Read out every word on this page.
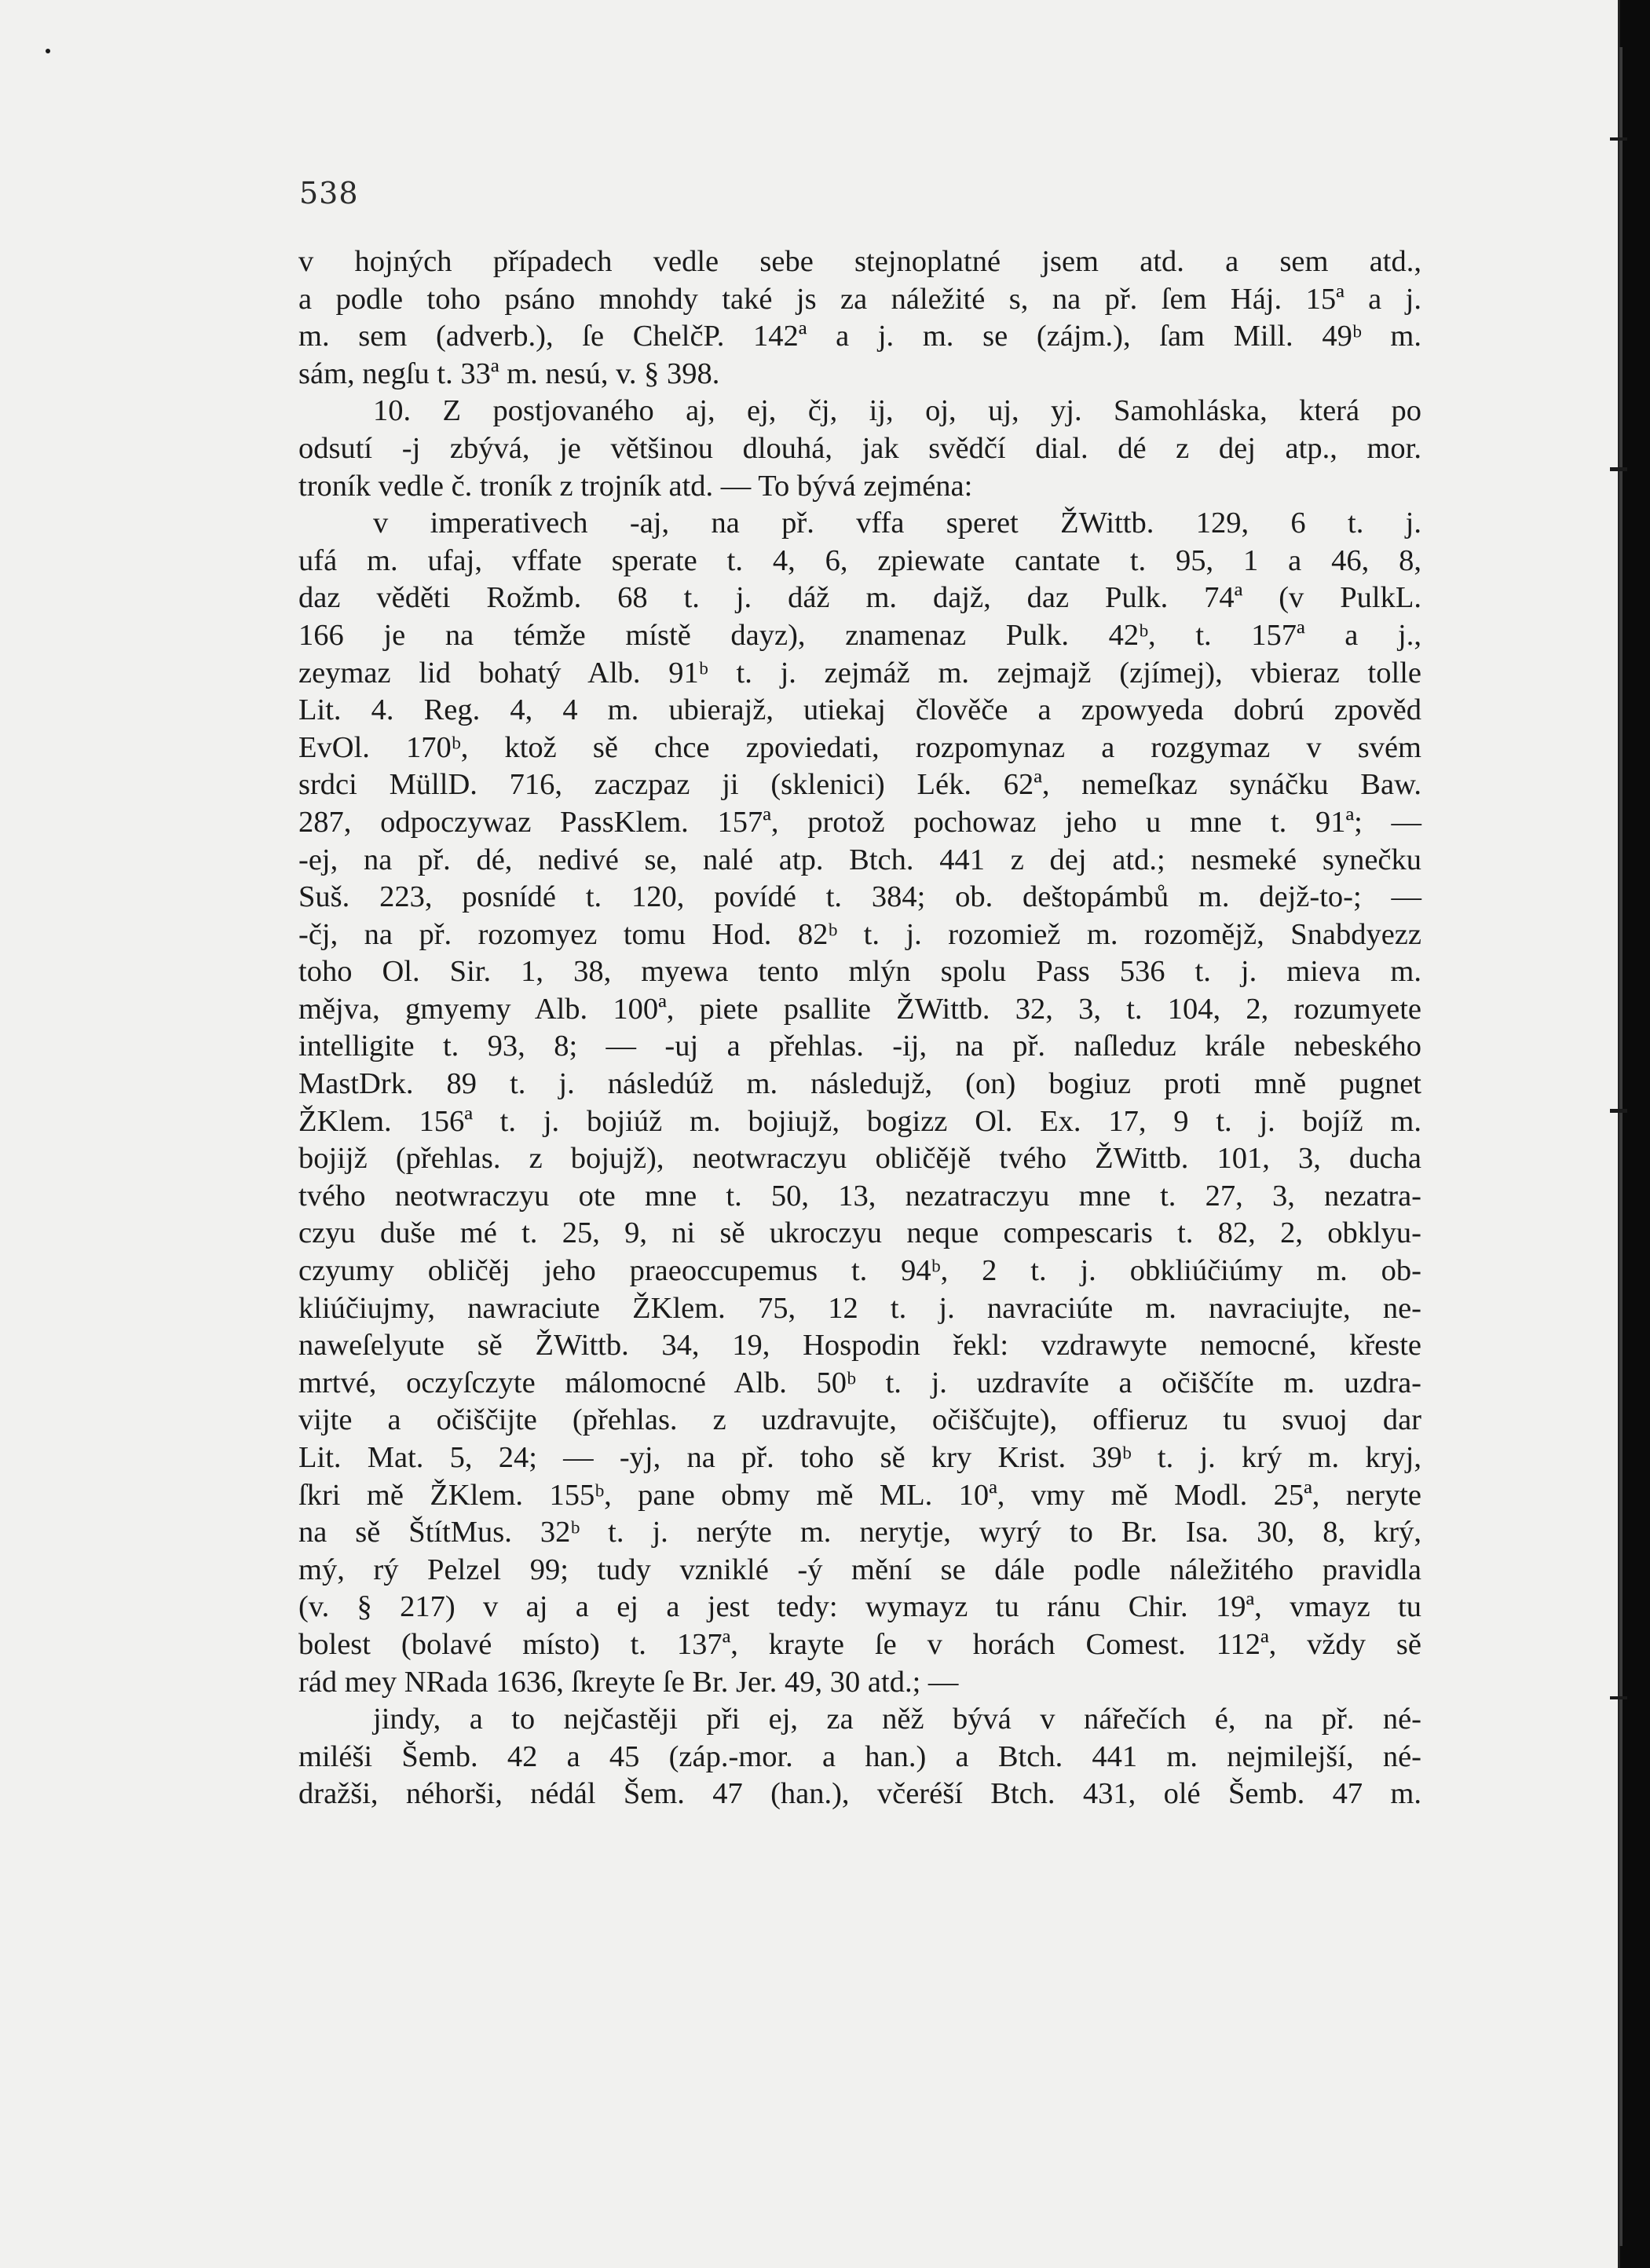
538
v hojných případech vedle sebe stejnoplatné jsem atd. a sem atd.,
a podle toho psáno mnohdy také js za náležité s, na př. ſem Háj. 15ª a j.
m. sem (adverb.), ſe ChelčP. 142ª a j. m. se (zájm.), ſam Mill. 49ᵇ m.
sám, negſu t. 33ª m. nesú, v. § 398.
10. Z postjovaného aj, ej, čj, ij, oj, uj, yj. Samohláska, která po
odsutí -j zbývá, je většinou dlouhá, jak svědčí dial. dé z dej atp., mor.
troník vedle č. troník z trojník atd. — To bývá zejména:
v imperativech -aj, na př. vffa speret ŽWittb. 129, 6 t. j.
ufá m. ufaj, vffate sperate t. 4, 6, zpiewate cantate t. 95, 1 a 46, 8,
daz věděti Rožmb. 68 t. j. dáž m. dajž, daz Pulk. 74ª (v PulkL.
166 je na témže místě dayz), znamenaz Pulk. 42ᵇ, t. 157ª a j.,
zeymaz lid bohatý Alb. 91ᵇ t. j. zejmáž m. zejmajž (zjímej), vbieraz tolle
Lit. 4. Reg. 4, 4 m. ubierajž, utiekaj člověče a zpowyeda dobrú zpověd
EvOl. 170ᵇ, ktož sě chce zpoviedati, rozpomynaz a rozgymaz v svém
srdci MüllD. 716, zaczpaz ji (sklenici) Lék. 62ª, nemeſkaz synáčku Baw.
287, odpoczywaz PassKlem. 157ª, protož pochowaz jeho u mne t. 91ª; —
-ej, na př. dé, nedivé se, nalé atp. Btch. 441 z dej atd.; nesmeké synečku
Suš. 223, posnídé t. 120, povídé t. 384; ob. deštopámbů m. dejž-to-; —
-čj, na př. rozomyez tomu Hod. 82ᵇ t. j. rozomiež m. rozomějž, Snabdyezz
toho Ol. Sir. 1, 38, myewa tento mlýn spolu Pass 536 t. j. mieva m.
mějva, gmyemy Alb. 100ª, piete psallite ŽWittb. 32, 3, t. 104, 2, rozumyete
intelligite t. 93, 8; — -uj a přehlas. -ij, na př. naſleduz krále nebeského
MastDrk. 89 t. j. následúž m. následujž, (on) bogiuz proti mně pugnet
ŽKlem. 156ª t. j. bojiúž m. bojiujž, bogizz Ol. Ex. 17, 9 t. j. bojíž m.
bojijž (přehlas. z bojujž), neotwraczyu obličějě tvého ŽWittb. 101, 3, ducha
tvého neotwraczyu ote mne t. 50, 13, nezatraczyu mne t. 27, 3, nezatra-
czyu duše mé t. 25, 9, ni sě ukroczyu neque compescaris t. 82, 2, obklyu-
czyumy obličěj jeho praeoccupemus t. 94ᵇ, 2 t. j. obkliúčiúmy m. ob-
kliúčiujmy, nawraciute ŽKlem. 75, 12 t. j. navraciúte m. navraciujte, ne-
naweſelyute sě ŽWittb. 34, 19, Hospodin řekl: vzdrawyte nemocné, křeste
mrtvé, oczyſczyte málomocné Alb. 50ᵇ t. j. uzdravíte a očiščíte m. uzdra-
vijte a očiščijte (přehlas. z uzdravujte, očiščujte), offieruz tu svuoj dar
Lit. Mat. 5, 24; — -yj, na př. toho sě kry Krist. 39ᵇ t. j. krý m. kryj,
ſkri mě ŽKlem. 155ᵇ, pane obmy mě ML. 10ª, vmy mě Modl. 25ª, neryte
na sě ŠtítMus. 32ᵇ t. j. nerýte m. nerytje, wyrý to Br. Isa. 30, 8, krý,
mý, rý Pelzel 99; tudy vzniklé -ý mění se dále podle náležitého pravidla
(v. § 217) v aj a ej a jest tedy: wymayz tu ránu Chir. 19ª, vmayz tu
bolest (bolavé místo) t. 137ª, krayte ſe v horách Comest. 112ª, vždy sě
rád mey NRada 1636, ſkreyte ſe Br. Jer. 49, 30 atd.; —
jindy, a to nejčastěji při ej, za něž bývá v nářečích é, na př. né-
miléši Šemb. 42 a 45 (záp.-mor. a han.) a Btch. 441 m. nejmilejší, né-
dražši, néhorši, nédál Šem. 47 (han.), včeréší Btch. 431, olé Šemb. 47 m.
